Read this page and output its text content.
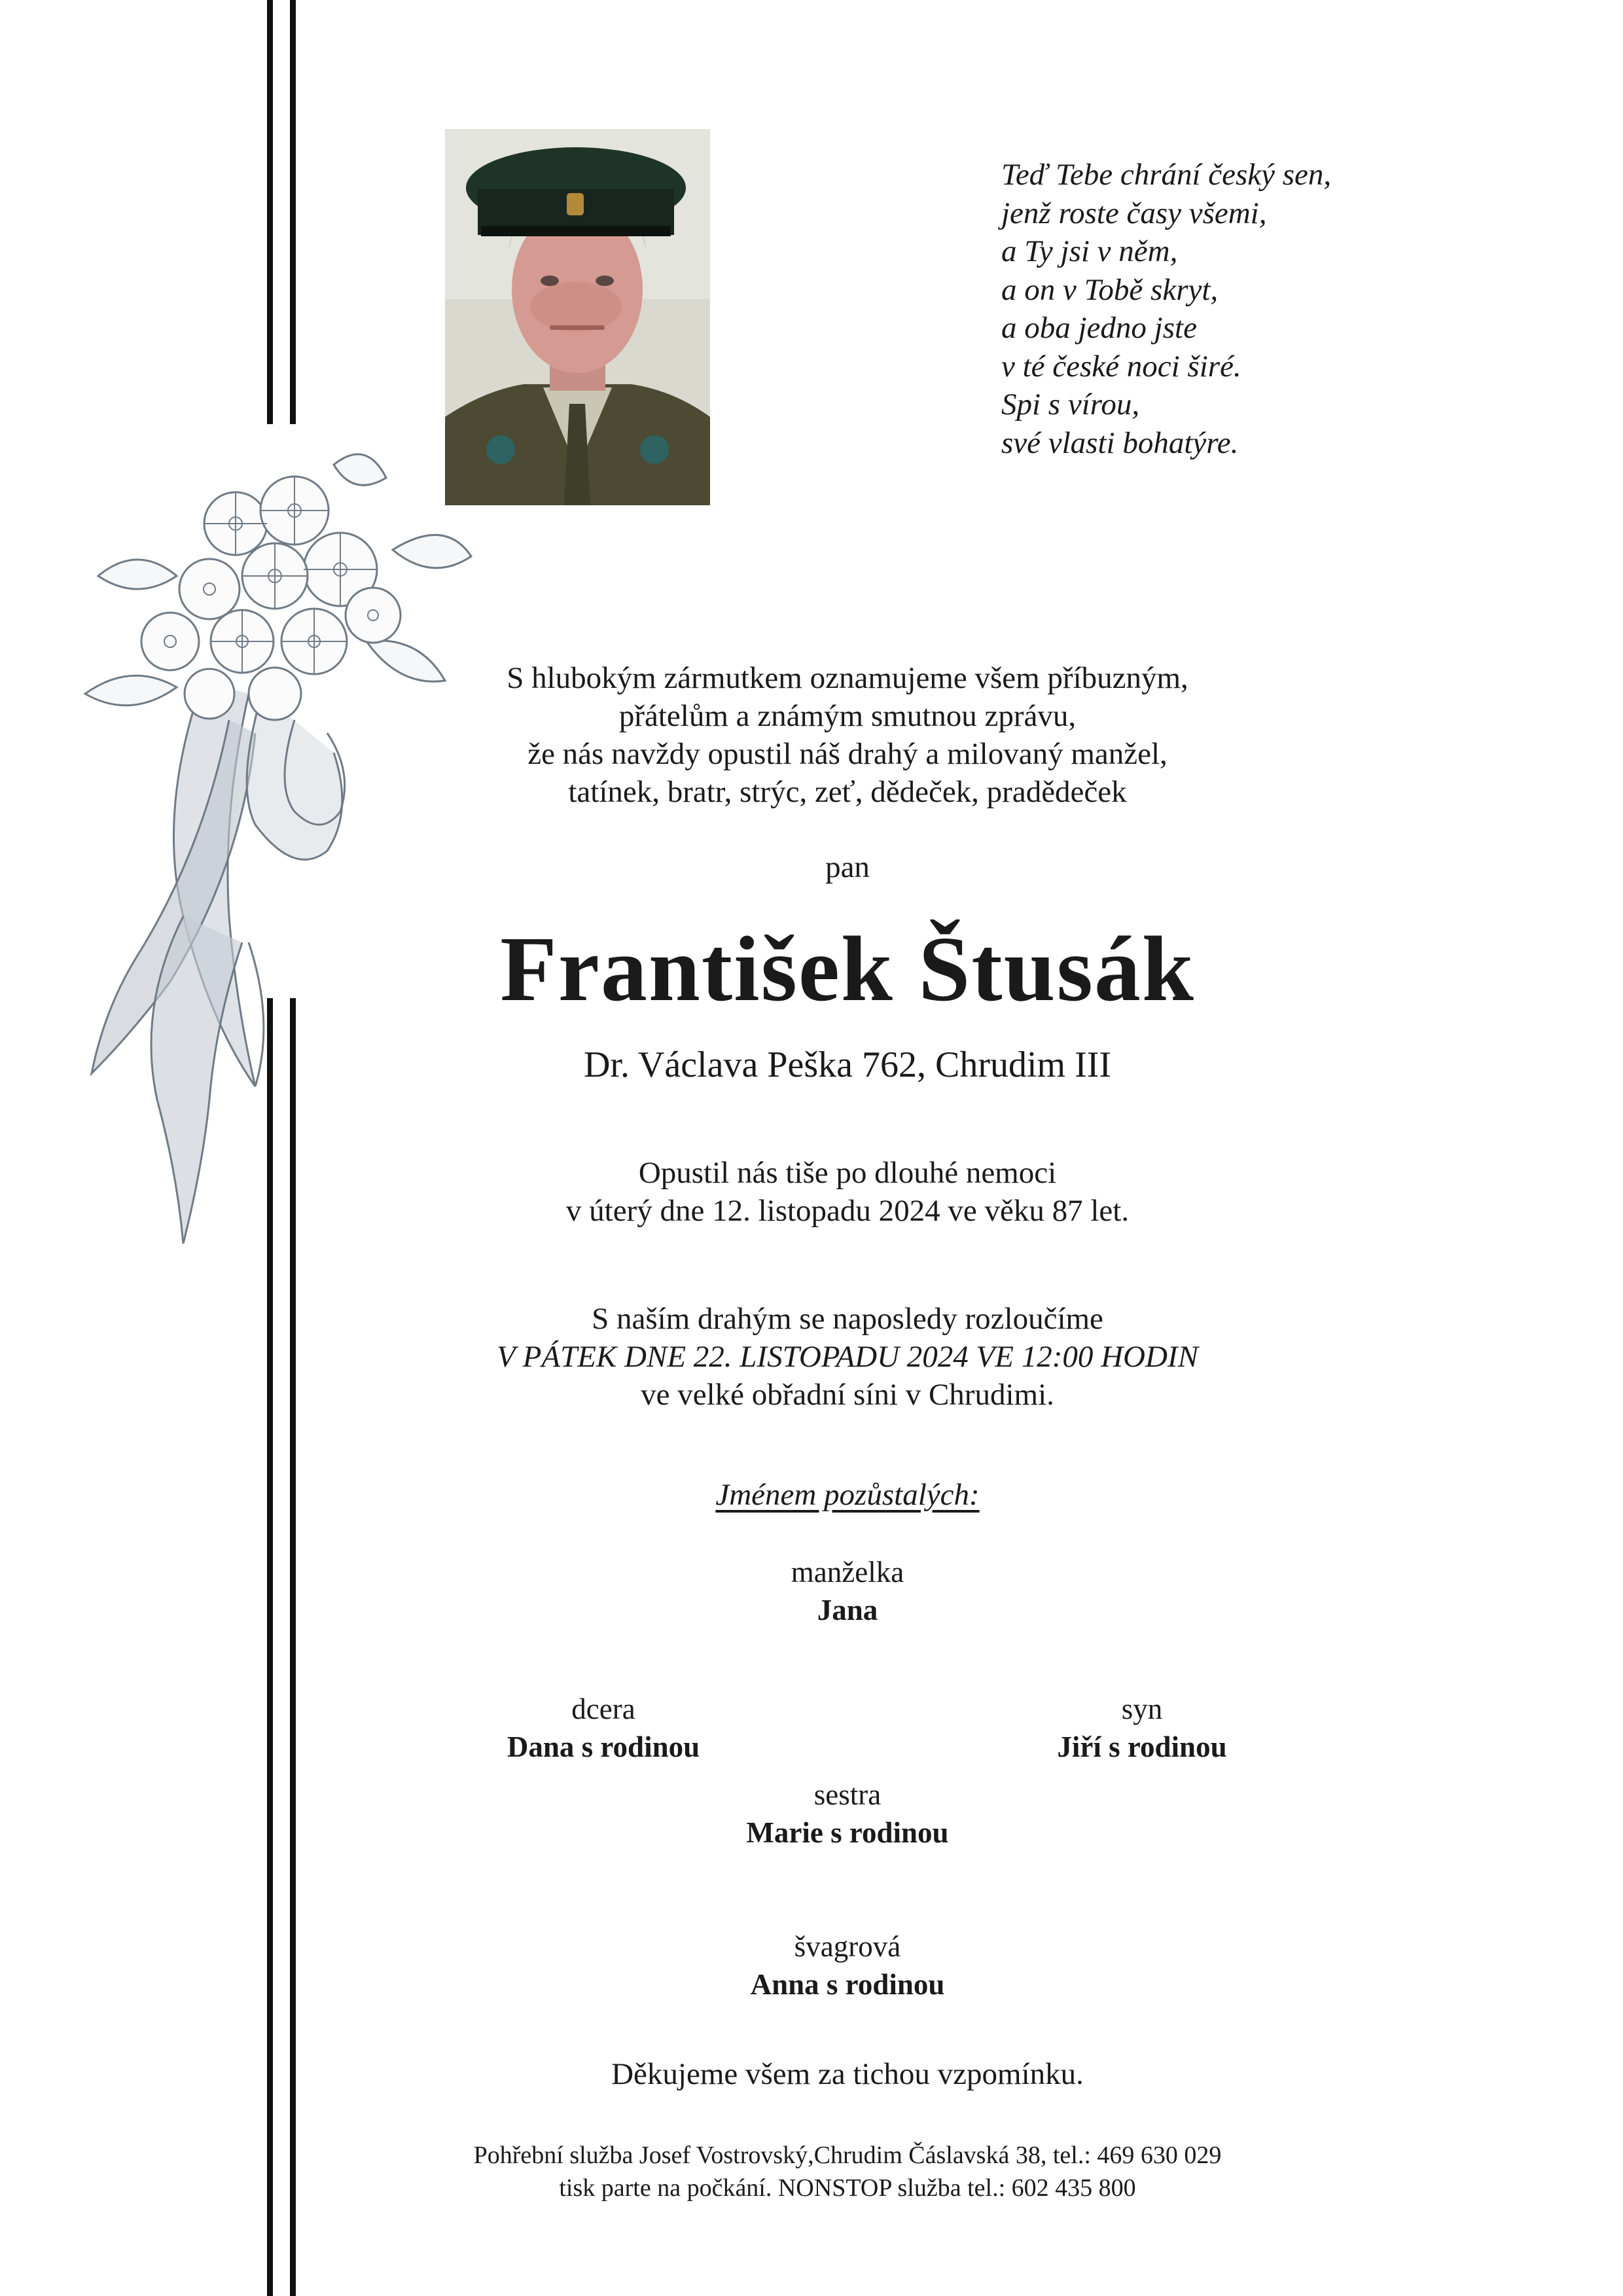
Teď Tebe chrání český sen,
jenž roste časy všemi,
a Ty jsi v něm,
a on v Tobě skryt,
a oba jedno jste
v té české noci širé.
Spi s vírou,
své vlasti bohatýre.
S hlubokým zármutkem oznamujeme všem příbuzným,
přátelům a známým smutnou zprávu,
že nás navždy opustil náš drahý a milovaný manžel,
tatínek, bratr, strýc, zeť, dědeček, pradědeček
pan
František Štusák
Dr. Václava Peška 762, Chrudim III
Opustil nás tiše po dlouhé nemoci
v úterý dne 12. listopadu 2024 ve věku 87 let.
S naším drahým se naposledy rozloučíme
V PÁTEK DNE 22. LISTOPADU 2024 VE 12:00 HODIN
ve velké obřadní síni v Chrudimi.
Jménem pozůstalých:
manželka
Jana
dcera
Dana s rodinou
syn
Jiří s rodinou
sestra
Marie s rodinou
švagrová
Anna s rodinou
Děkujeme všem za tichou vzpomínku.
Pohřební služba Josef Vostrovský,Chrudim Čáslavská 38, tel.: 469 630 029
tisk parte na počkání. NONSTOP služba tel.: 602 435 800
